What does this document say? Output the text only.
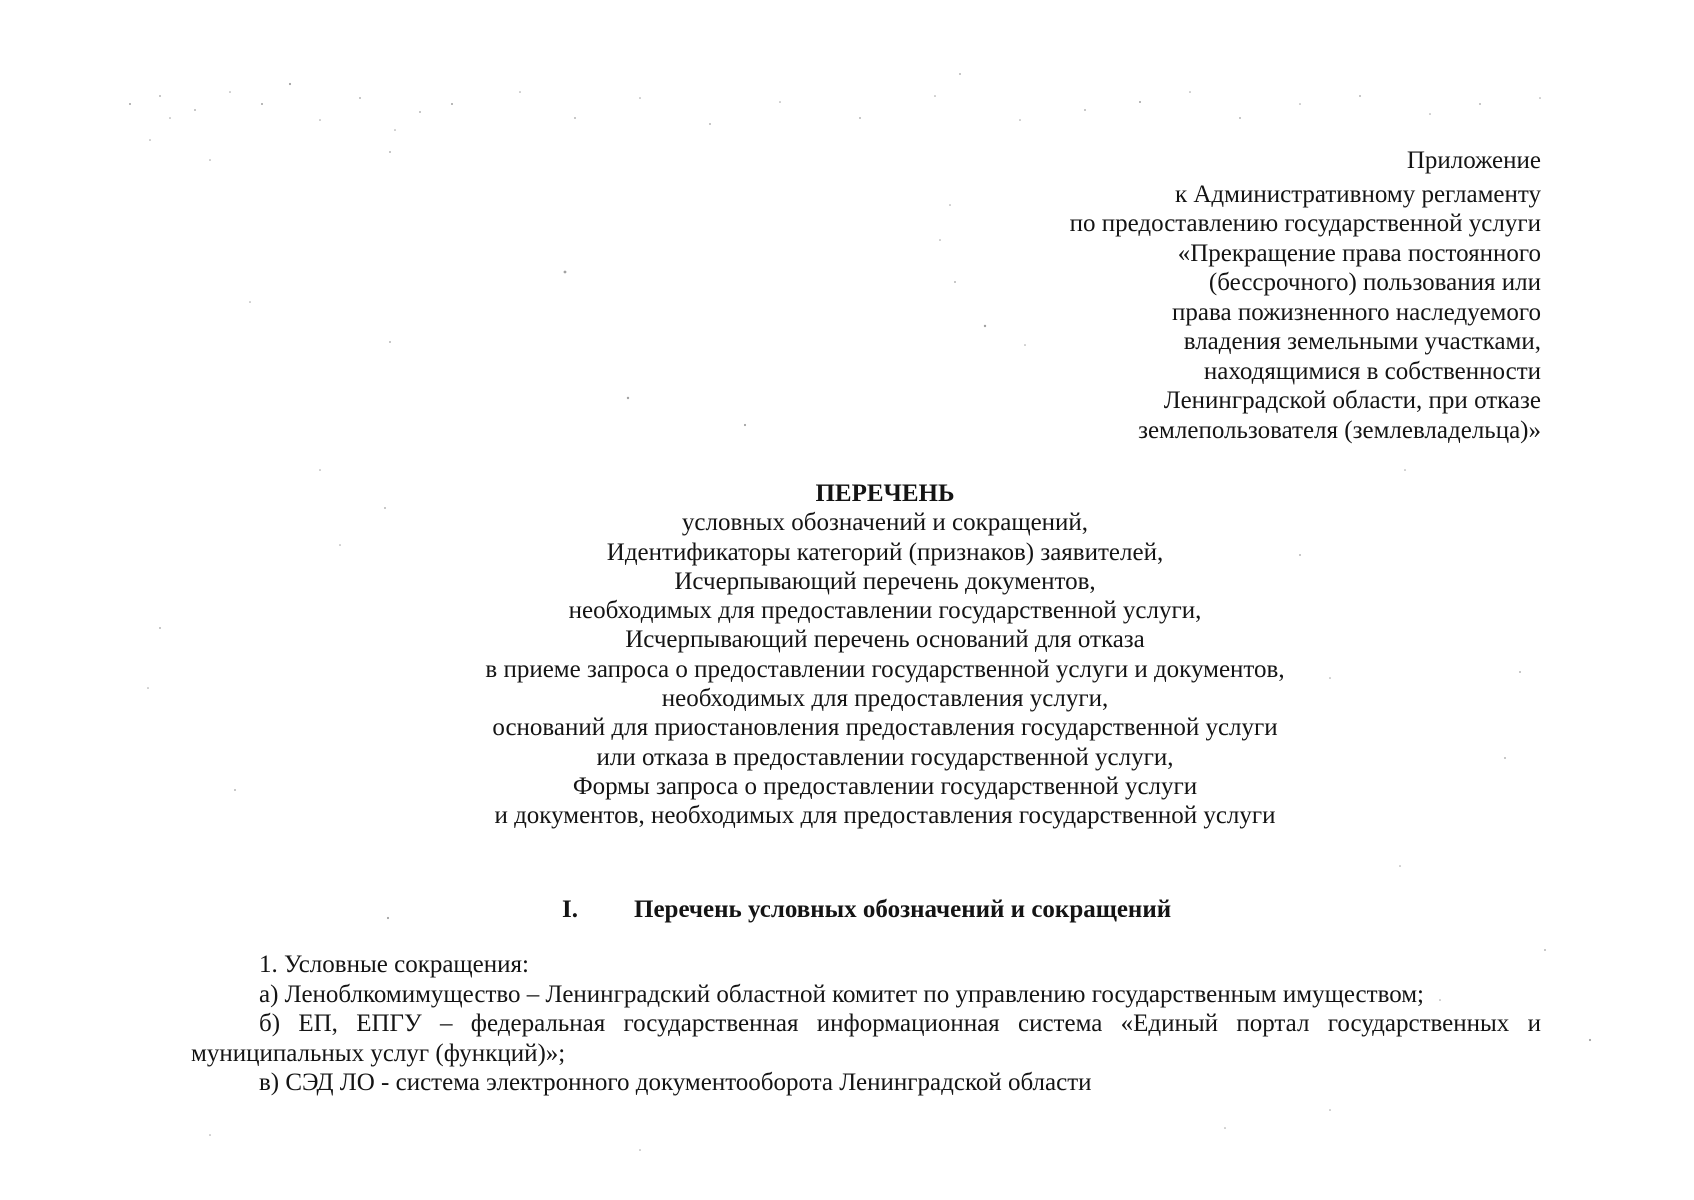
Приложение
к Административному регламенту
по предоставлению государственной услуги
«Прекращение права постоянного
(бессрочного) пользования или
права пожизненного наследуемого
владения земельными участками,
находящимися в собственности
Ленинградской области, при отказе
землепользователя (землевладельца)»
ПЕРЕЧЕНЬ
условных обозначений и сокращений,
Идентификаторы категорий (признаков) заявителей,
Исчерпывающий перечень документов,
необходимых для предоставлении государственной услуги,
Исчерпывающий перечень оснований для отказа
в приеме запроса о предоставлении государственной услуги и документов,
необходимых для предоставления услуги,
оснований для приостановления предоставления государственной услуги
или отказа в предоставлении государственной услуги,
Формы запроса о предоставлении государственной услуги
и документов, необходимых для предоставления государственной услуги
I. Перечень условных обозначений и сокращений
1. Условные сокращения:
а) Леноблкомимущество – Ленинградский областной комитет по управлению государственным имуществом;
б) ЕП, ЕПГУ – федеральная государственная информационная система «Единый портал государственных и
муниципальных услуг (функций)»;
в) СЭД ЛО - система электронного документооборота Ленинградской области
